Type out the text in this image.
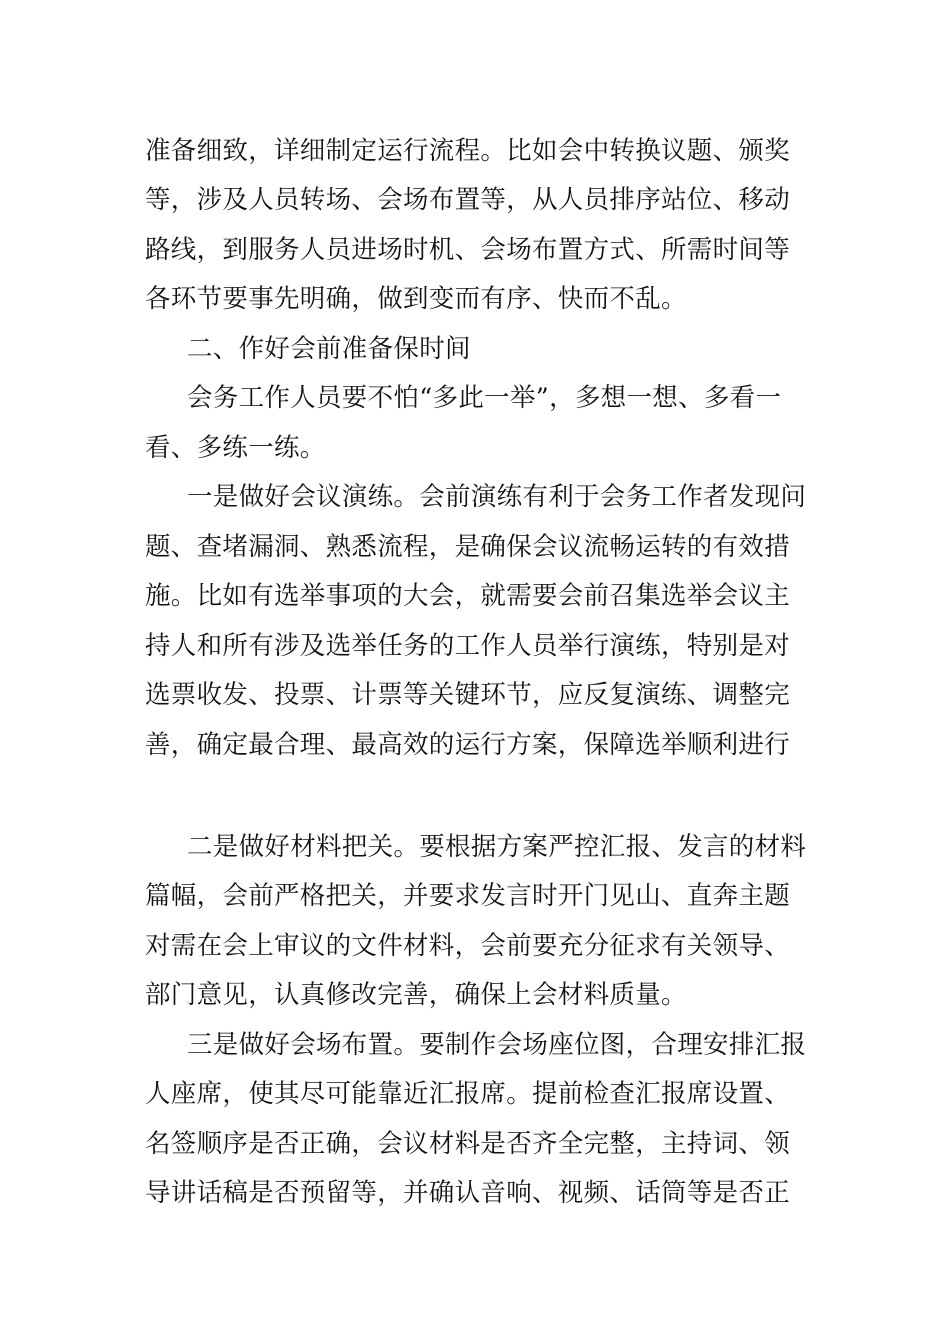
准备细致，详细制定运行流程。比如会中转换议题、颁奖
等，涉及人员转场、会场布置等，从人员排序站位、移动
路线，到服务人员进场时机、会场布置方式、所需时间等
各环节要事先明确，做到变而有序、快而不乱。
二、作好会前准备保时间
会务工作人员要不怕“多此一举”，多想一想、多看一
看、多练一练。
一是做好会议演练。会前演练有利于会务工作者发现问
题、查堵漏洞、熟悉流程，是确保会议流畅运转的有效措
施。比如有选举事项的大会，就需要会前召集选举会议主
持人和所有涉及选举任务的工作人员举行演练，特别是对
选票收发、投票、计票等关键环节，应反复演练、调整完
善，确定最合理、最高效的运行方案，保障选举顺利进行
二是做好材料把关。要根据方案严控汇报、发言的材料
篇幅，会前严格把关，并要求发言时开门见山、直奔主题
对需在会上审议的文件材料，会前要充分征求有关领导、
部门意见，认真修改完善，确保上会材料质量。
三是做好会场布置。要制作会场座位图，合理安排汇报
人座席，使其尽可能靠近汇报席。提前检查汇报席设置、
名签顺序是否正确，会议材料是否齐全完整，主持词、领
导讲话稿是否预留等，并确认音响、视频、话筒等是否正
